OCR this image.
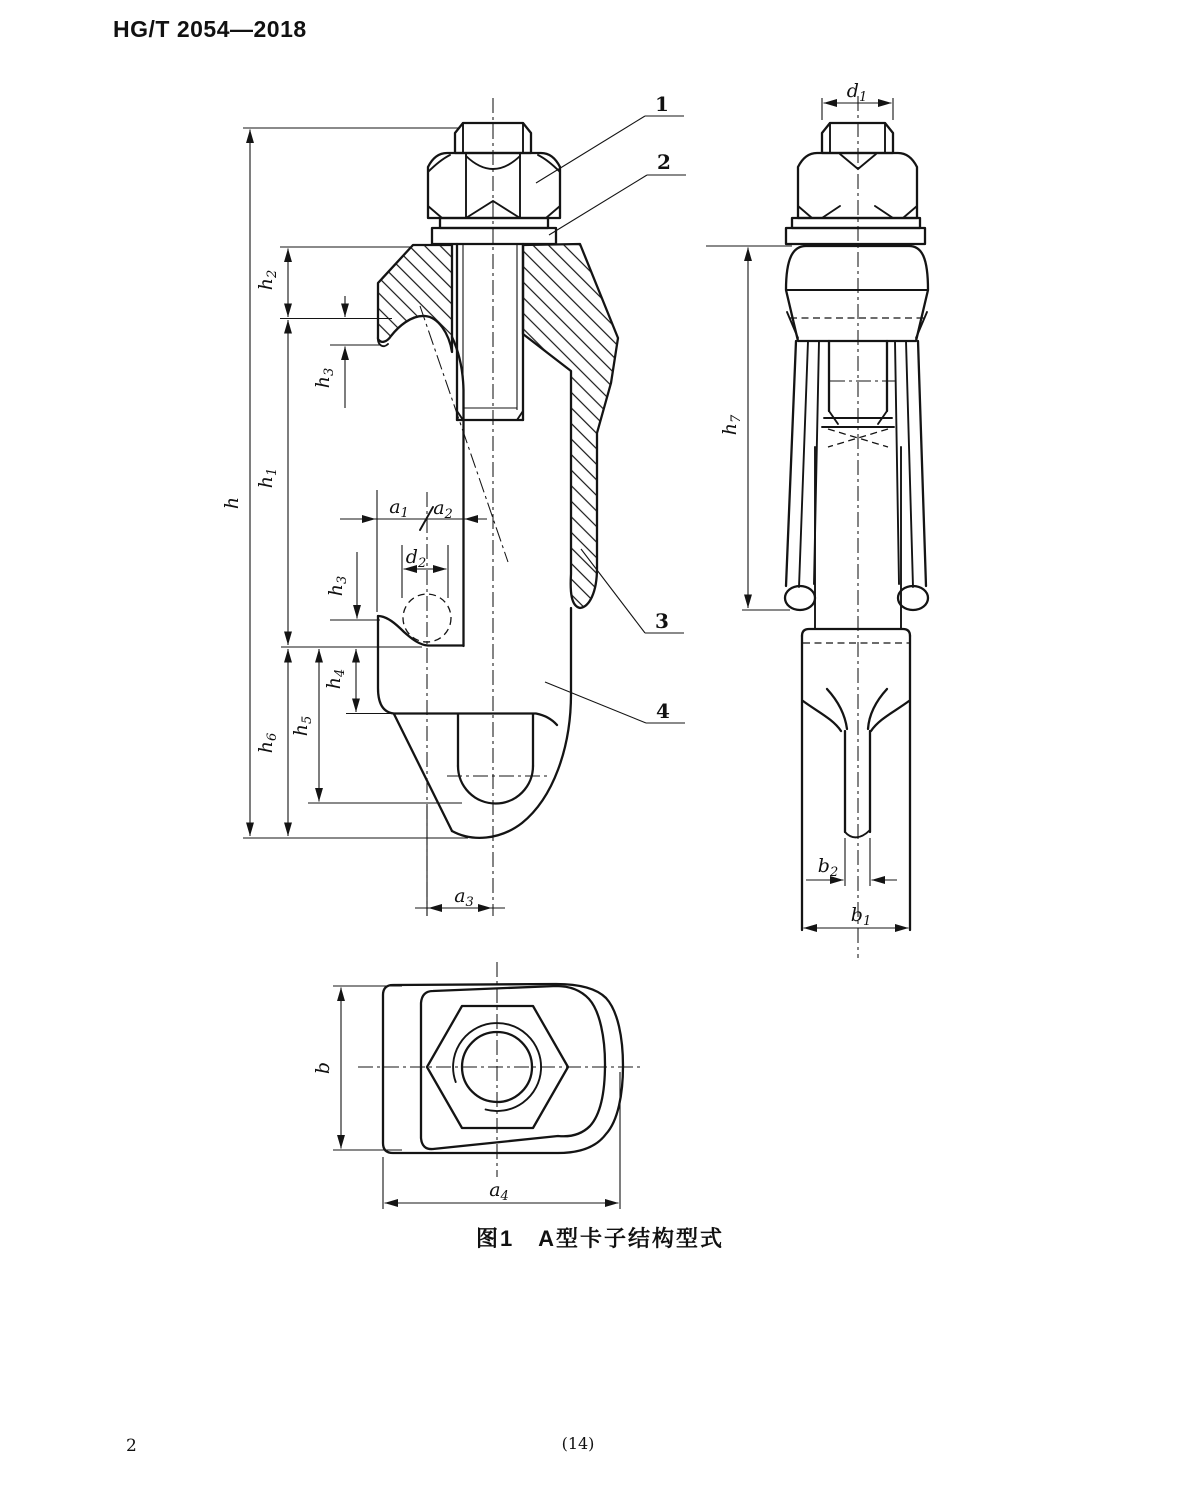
HG/T 2054—2018
1
2
3
4
h
$h_2$
$h_3$
$h_1$
$h_3$
$h_4$
$h_5$
$h_6$
$a_1$ $a_2$
$d_2$
$a_3$
$d_1$
$h_7$
$b_2$
$b_1$
b
$a_4$
图1　A型卡子结构型式
2	(14)
